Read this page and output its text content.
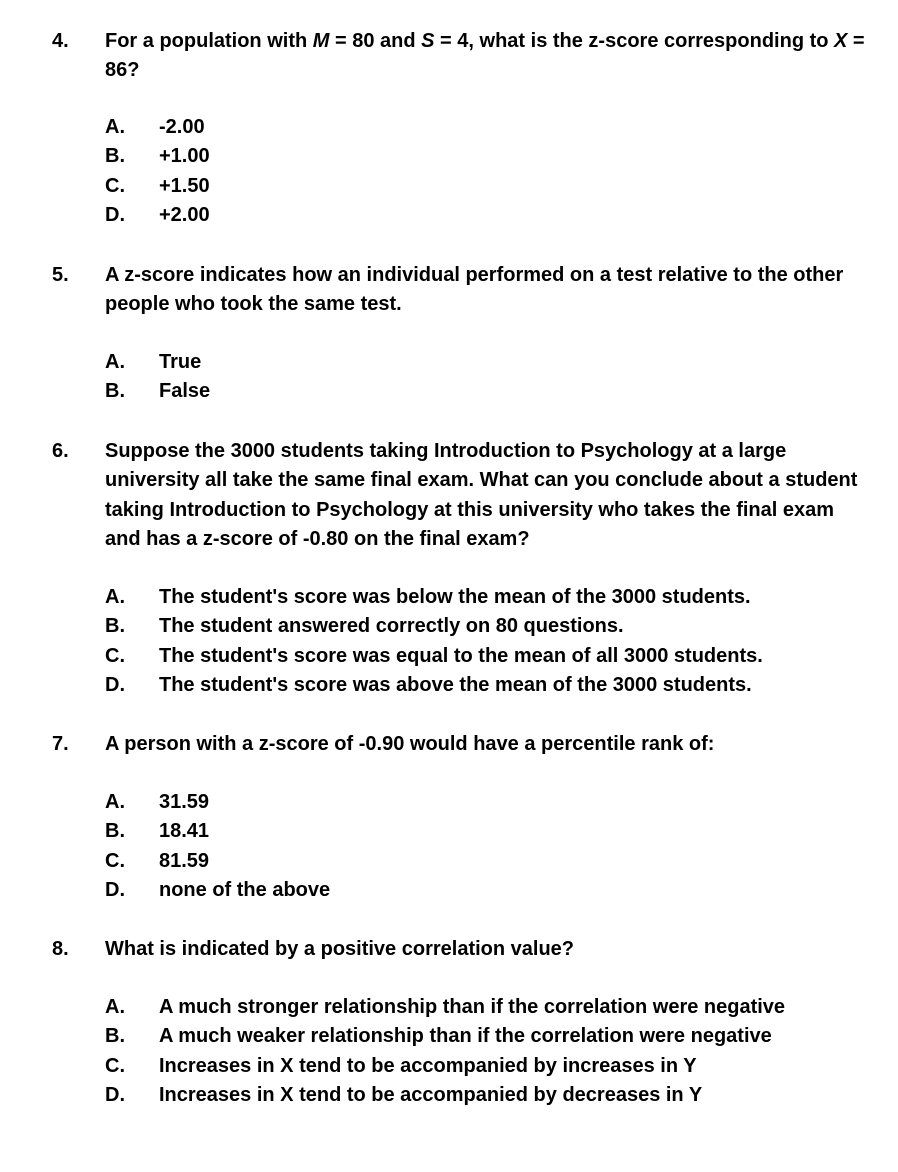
4. For a population with M = 80 and S = 4, what is the z-score corresponding to X = 86?
A. -2.00
B. +1.00
C. +1.50
D. +2.00
5. A z-score indicates how an individual performed on a test relative to the other people who took the same test.
A. True
B. False
6. Suppose the 3000 students taking Introduction to Psychology at a large university all take the same final exam. What can you conclude about a student taking Introduction to Psychology at this university who takes the final exam and has a z-score of -0.80 on the final exam?
A. The student's score was below the mean of the 3000 students.
B. The student answered correctly on 80 questions.
C. The student's score was equal to the mean of all 3000 students.
D. The student's score was above the mean of the 3000 students.
7. A person with a z-score of -0.90 would have a percentile rank of:
A. 31.59
B. 18.41
C. 81.59
D. none of the above
8. What is indicated by a positive correlation value?
A. A much stronger relationship than if the correlation were negative
B. A much weaker relationship than if the correlation were negative
C. Increases in X tend to be accompanied by increases in Y
D. Increases in X tend to be accompanied by decreases in Y
